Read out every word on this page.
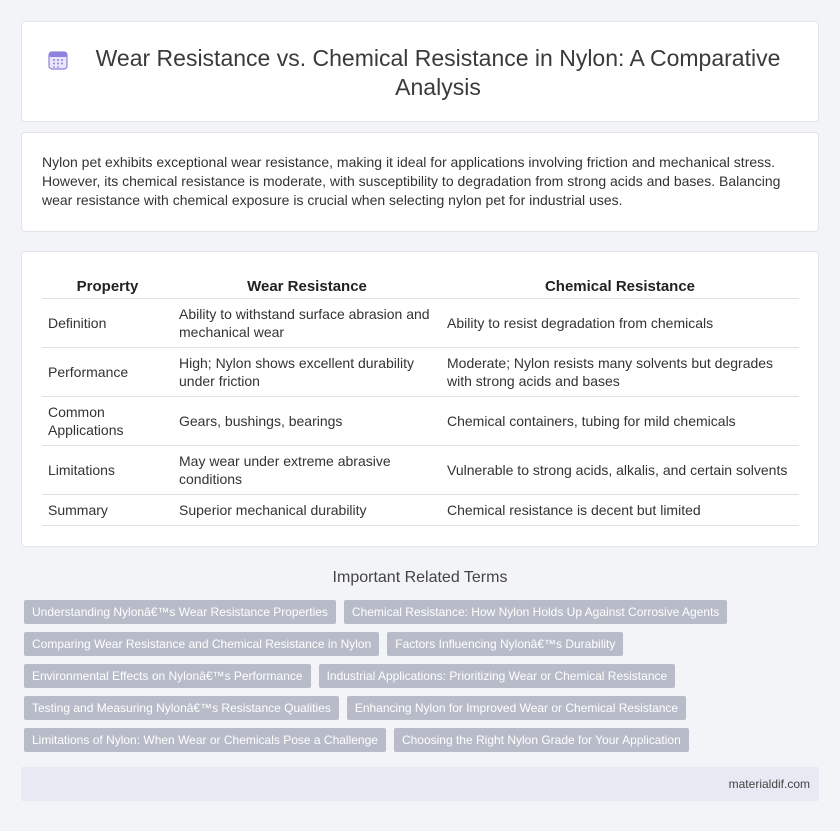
Wear Resistance vs. Chemical Resistance in Nylon: A Comparative Analysis

Nylon pet exhibits exceptional wear resistance, making it ideal for applications involving friction and mechanical stress. However, its chemical resistance is moderate, with susceptibility to degradation from strong acids and bases. Balancing wear resistance with chemical exposure is crucial when selecting nylon pet for industrial uses.

Property	Wear Resistance	Chemical Resistance
Definition	Ability to withstand surface abrasion and mechanical wear	Ability to resist degradation from chemicals
Performance	High; Nylon shows excellent durability under friction	Moderate; Nylon resists many solvents but degrades with strong acids and bases
Common Applications	Gears, bushings, bearings	Chemical containers, tubing for mild chemicals
Limitations	May wear under extreme abrasive conditions	Vulnerable to strong acids, alkalis, and certain solvents
Summary	Superior mechanical durability	Chemical resistance is decent but limited
Important Related Terms
Understanding Nylonâ€™s Wear Resistance Properties	Chemical Resistance: How Nylon Holds Up Against Corrosive Agents
Comparing Wear Resistance and Chemical Resistance in Nylon	Factors Influencing Nylonâ€™s Durability
Environmental Effects on Nylonâ€™s Performance	Industrial Applications: Prioritizing Wear or Chemical Resistance
Testing and Measuring Nylonâ€™s Resistance Qualities	Enhancing Nylon for Improved Wear or Chemical Resistance
Limitations of Nylon: When Wear or Chemicals Pose a Challenge	Choosing the Right Nylon Grade for Your Application
materialdif.com
